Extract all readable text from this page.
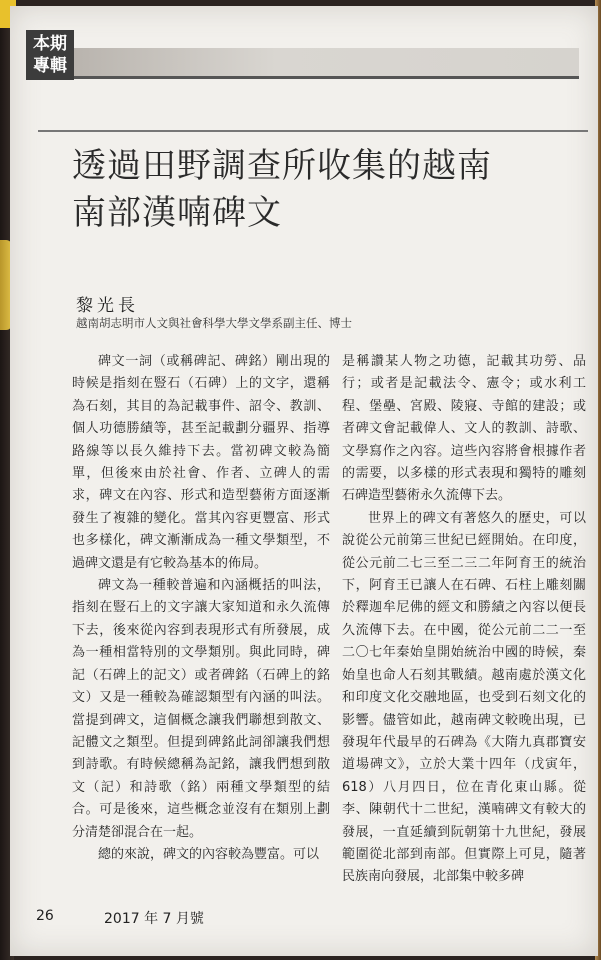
本期
專輯
透過田野調查所收集的越南
南部漢喃碑文
黎光長
越南胡志明市人文與社會科學大學文學系副主任、博士

碑文一詞（或稱碑記、碑銘）剛出現的時候是指刻在豎石（石碑）上的文字，還稱為石刻，其目的為記載事件、詔令、教訓、個人功德勝績等，甚至記載劃分疆界、指導路線等以長久維持下去。當初碑文較為簡單，但後來由於社會、作者、立碑人的需求，碑文在內容、形式和造型藝術方面逐漸發生了複雜的變化。當其內容更豐富、形式也多樣化，碑文漸漸成為一種文學類型，不過碑文還是有它較為基本的佈局。

碑文為一種較普遍和內涵概括的叫法，指刻在豎石上的文字讓大家知道和永久流傳下去，後來從內容到表現形式有所發展，成為一種相當特別的文學類別。與此同時，碑記（石碑上的記文）或者碑銘（石碑上的銘文）又是一種較為確認類型有內涵的叫法。當提到碑文，這個概念讓我們聯想到散文、記體文之類型。但提到碑銘此詞卻讓我們想到詩歌。有時候總稱為記銘，讓我們想到散文（記）和詩歌（銘）兩種文學類型的結合。可是後來，這些概念並沒有在類別上劃分清楚卻混合在一起。

總的來說，碑文的內容較為豐富。可以

是稱讚某人物之功德，記載其功勞、品行；或者是記載法令、憲令；或水利工程、堡壘、宮殿、陵寢、寺館的建設；或者碑文會記載偉人、文人的教訓、詩歌、文學寫作之內容。這些內容將會根據作者的需要，以多樣的形式表現和獨特的雕刻石碑造型藝術永久流傳下去。

世界上的碑文有著悠久的歷史，可以說從公元前第三世紀已經開始。在印度，從公元前二七三至二三二年阿育王的統治下，阿育王已讓人在石碑、石柱上雕刻關於釋迦牟尼佛的經文和勝績之內容以便長久流傳下去。在中國，從公元前二二一至二〇七年秦始皇開始統治中國的時候，秦始皇也命人石刻其戰績。越南處於漢文化和印度文化交融地區，也受到石刻文化的影響。儘管如此，越南碑文較晚出現，已發現年代最早的石碑為《大隋九真郡寶安道場碑文》，立於大業十四年（戊寅年，618）八月四日，位在青化東山縣。從李、陳朝代十二世紀，漢喃碑文有較大的發展，一直延續到阮朝第十九世紀，發展範圍從北部到南部。但實際上可見，隨著民族南向發展，北部集中較多碑

26	2017 年 7 月號
